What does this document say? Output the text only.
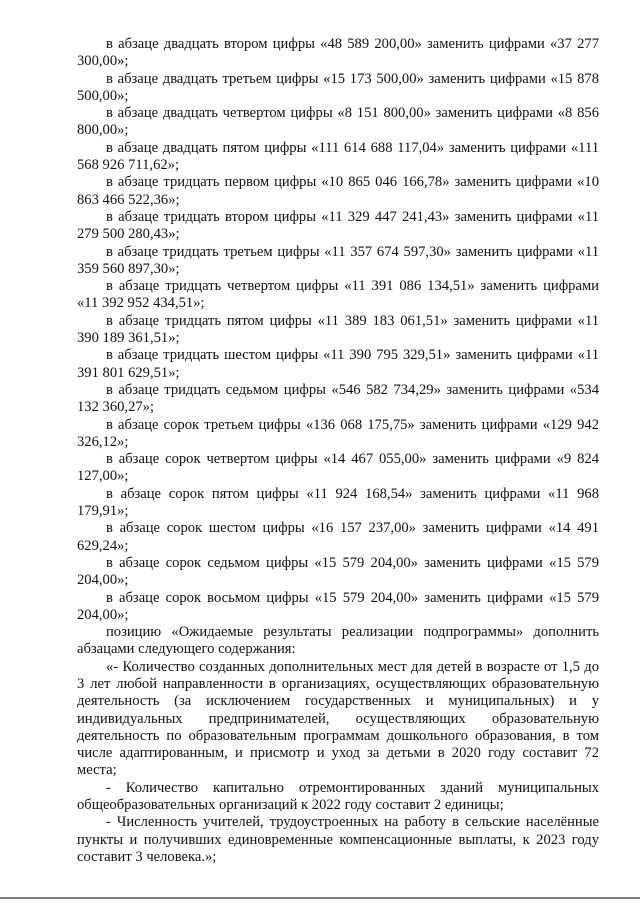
в абзаце двадцать втором цифры «48 589 200,00» заменить цифрами «37 277 300,00»;

в абзаце двадцать третьем цифры «15 173 500,00» заменить цифрами «15 878 500,00»;

в абзаце двадцать четвертом цифры «8 151 800,00» заменить цифрами «8 856 800,00»;

в абзаце двадцать пятом цифры «111 614 688 117,04» заменить цифрами «111 568 926 711,62»;

в абзаце тридцать первом цифры «10 865 046 166,78» заменить цифрами «10 863 466 522,36»;

в абзаце тридцать втором цифры «11 329 447 241,43» заменить цифрами «11 279 500 280,43»;

в абзаце тридцать третьем цифры «11 357 674 597,30» заменить цифрами «11 359 560 897,30»;

в абзаце тридцать четвертом цифры «11 391 086 134,51» заменить цифрами «11 392 952 434,51»;

в абзаце тридцать пятом цифры «11 389 183 061,51» заменить цифрами «11 390 189 361,51»;

в абзаце тридцать шестом цифры «11 390 795 329,51» заменить цифрами «11 391 801 629,51»;

в абзаце тридцать седьмом цифры «546 582 734,29» заменить цифрами «534 132 360,27»;

в абзаце сорок третьем цифры «136 068 175,75» заменить цифрами «129 942 326,12»;

в абзаце сорок четвертом цифры «14 467 055,00» заменить цифрами «9 824 127,00»;

в абзаце сорок пятом цифры «11 924 168,54» заменить цифрами «11 968 179,91»;

в абзаце сорок шестом цифры «16 157 237,00» заменить цифрами «14 491 629,24»;

в абзаце сорок седьмом цифры «15 579 204,00» заменить цифрами «15 579 204,00»;

в абзаце сорок восьмом цифры «15 579 204,00» заменить цифрами «15 579 204,00»;

позицию «Ожидаемые результаты реализации подпрограммы» дополнить абзацами следующего содержания:

«- Количество созданных дополнительных мест для детей в возрасте от 1,5 до 3 лет любой направленности в организациях, осуществляющих образовательную деятельность (за исключением государственных и муниципальных) и у индивидуальных предпринимателей, осуществляющих образовательную деятельность по образовательным программам дошкольного образования, в том числе адаптированным, и присмотр и уход за детьми в 2020 году составит 72 места;

- Количество капитально отремонтированных зданий муниципальных общеобразовательных организаций к 2022 году составит 2 единицы;

- Численность учителей, трудоустроенных на работу в сельские населённые пункты и получивших единовременные компенсационные выплаты, к 2023 году составит 3 человека.»;
